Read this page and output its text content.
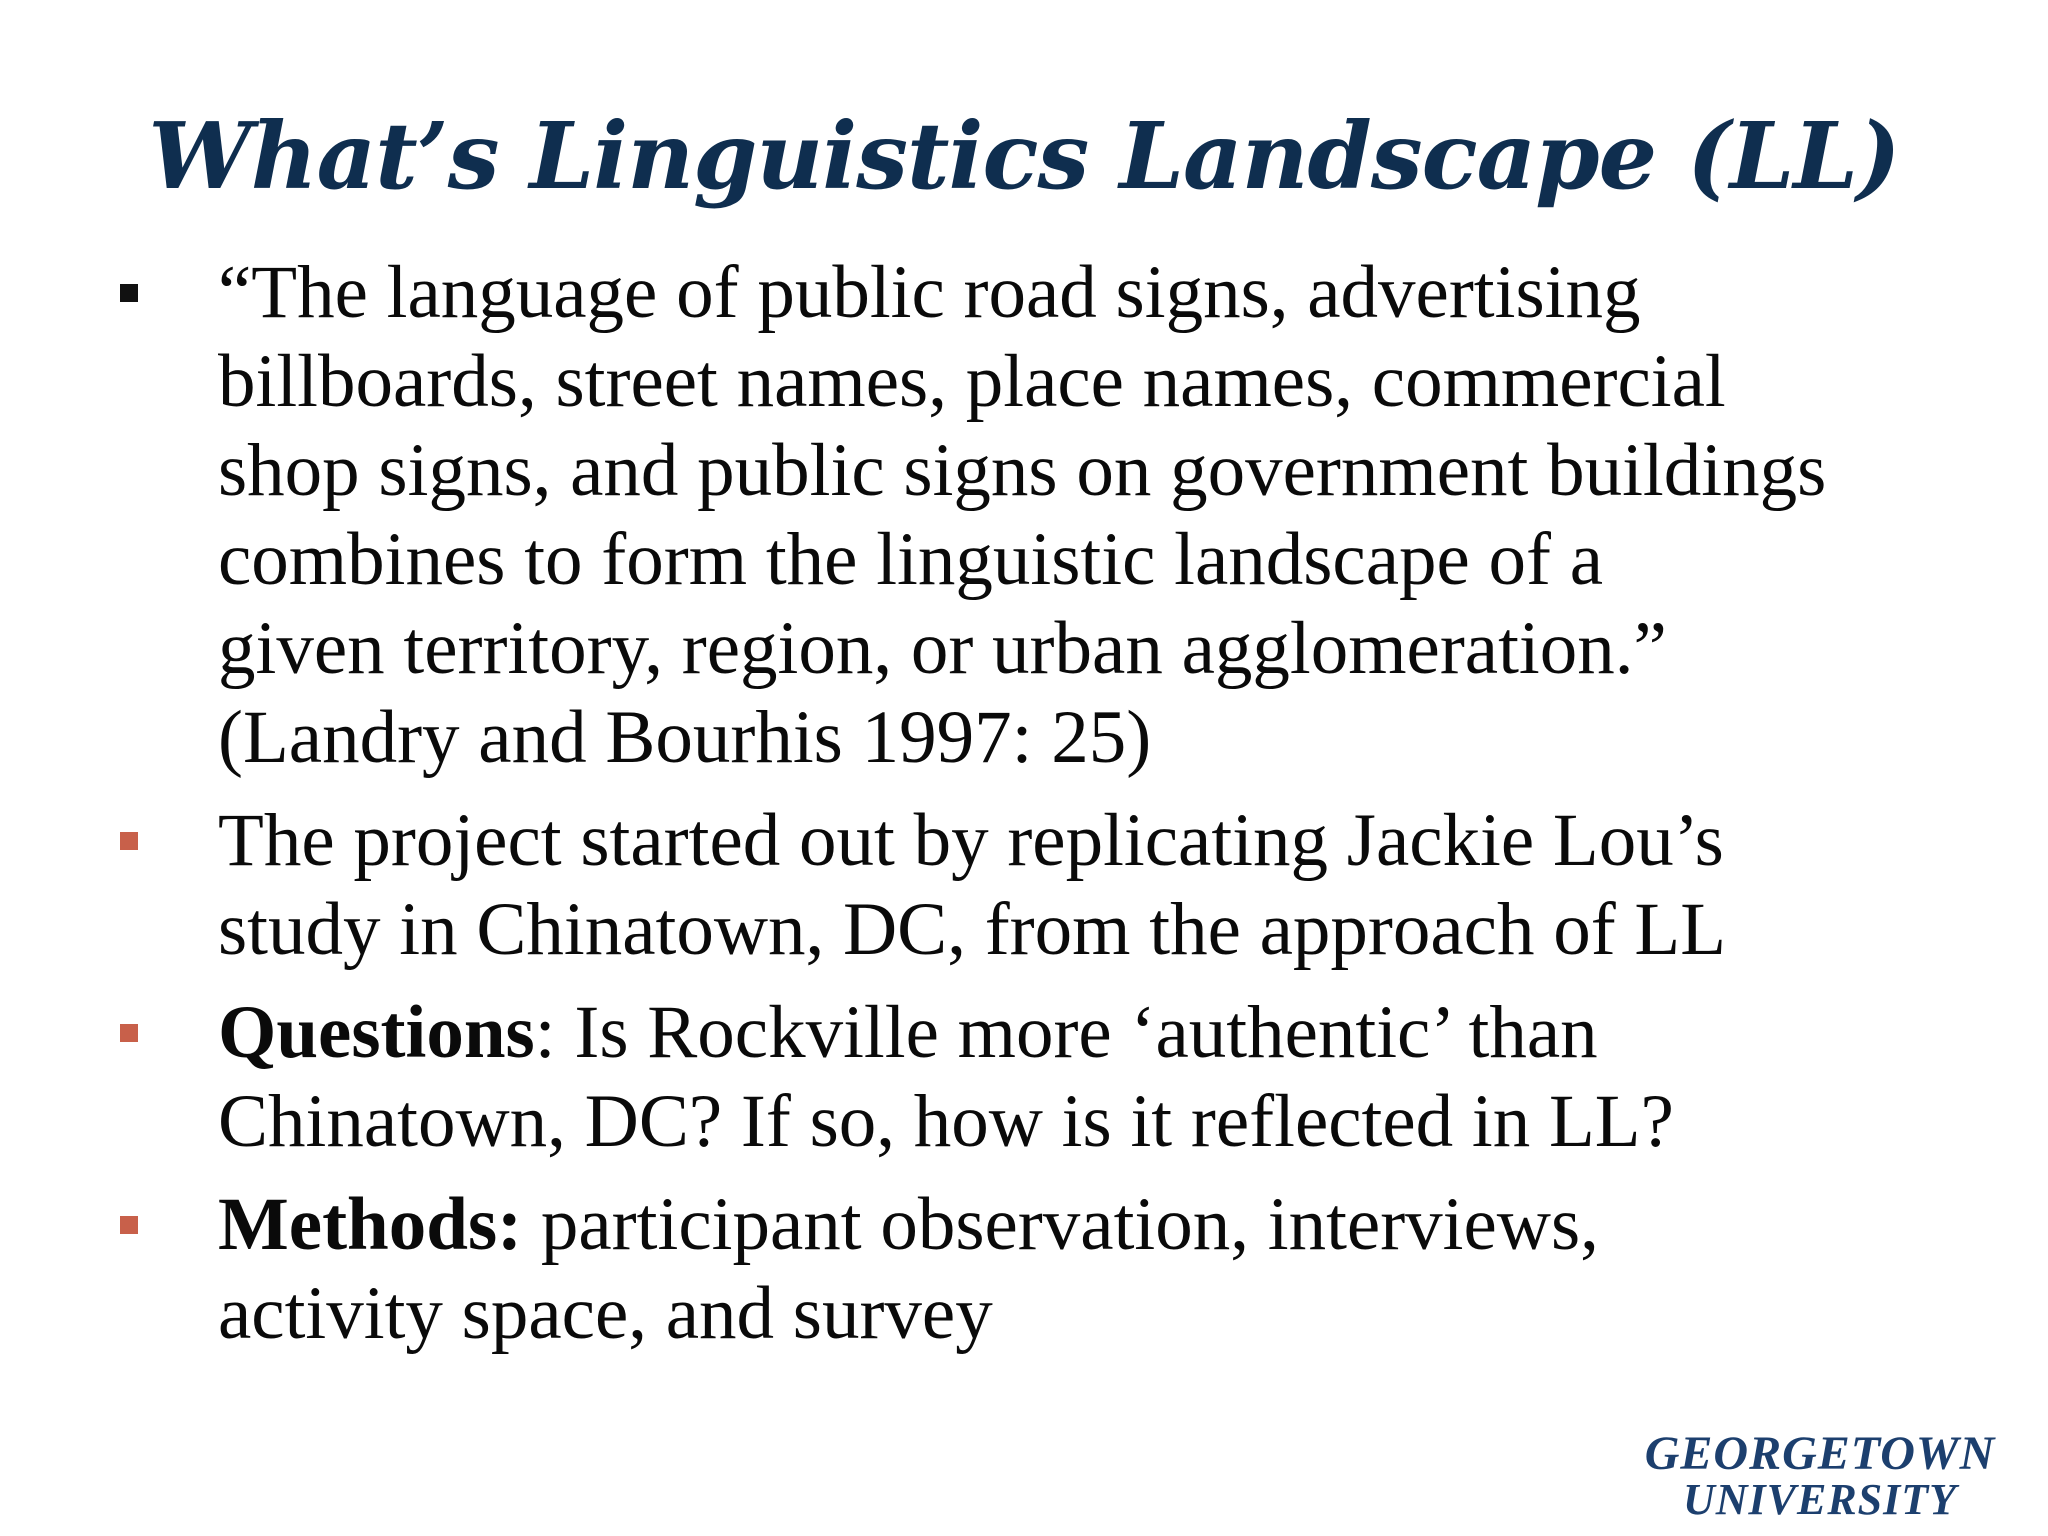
What’s Linguistics Landscape (LL)
“The language of public road signs, advertising
billboards, street names, place names, commercial
shop signs, and public signs on government buildings
combines to form the linguistic landscape of a
given territory, region, or urban agglomeration.”
(Landry and Bourhis 1997: 25)
The project started out by replicating Jackie Lou’s
study in Chinatown, DC, from the approach of LL
Questions: Is Rockville more ‘authentic’ than
Chinatown, DC? If so, how is it reflected in LL?
Methods: participant observation, interviews,
activity space, and survey
GEORGETOWN
UNIVERSITY
